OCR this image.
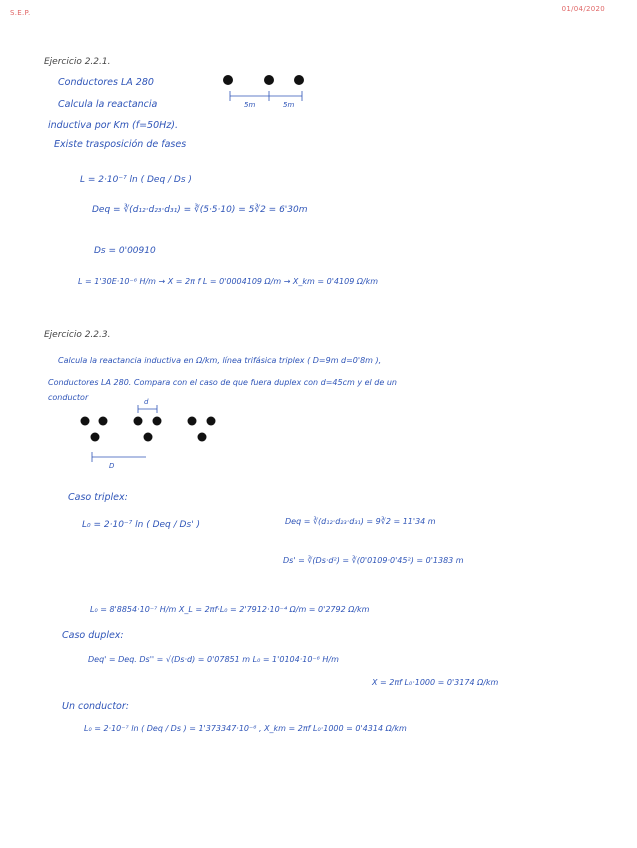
S.E.P.	01/04/2020
Ejercicio 2.2.1.
Conductores LA 280
Calcula la reactancia
inductiva por Km (f=50Hz).
Existe trasposición de fases
5m	5m
L = 2·10⁻⁷ ln ( Deq / Ds )
Deq = ∛(d₁₂·d₂₃·d₃₁) = ∛(5·5·10) = 5∛2 = 6'30m
Ds = 0'00910
L = 1'30E·10⁻⁶ H/m → X = 2π f L = 0'0004109 Ω/m → X_km = 0'4109 Ω/km
Ejercicio 2.2.3.
Calcula la reactancia inductiva en Ω/km, línea trifásica triplex ( D=9m d=0'8m ),
Conductores LA 280. Compara con el caso de que fuera duplex con d=45cm y el de un
conductor	d
D
Caso triplex:
L₀ = 2·10⁻⁷ ln ( Deq / Ds' )	Deq = ∛(d₁₂·d₂₃·d₃₁) = 9∛2 = 11'34 m
Ds' = ∛(Ds·d²) = ∛(0'0109·0'45²) = 0'1383 m
L₀ = 8'8854·10⁻⁷ H/m X_L = 2πf·L₀ = 2'7912·10⁻⁴ Ω/m = 0'2792 Ω/km
Caso duplex:
Deq' = Deq. Ds'' = √(Ds·d) = 0'07851 m L₀ = 1'0104·10⁻⁶ H/m
X = 2πf L₀·1000 = 0'3174 Ω/km
Un conductor:
L₀ = 2·10⁻⁷ ln ( Deq / Ds ) = 1'373347·10⁻⁶ , X_km = 2πf L₀·1000 = 0'4314 Ω/km
